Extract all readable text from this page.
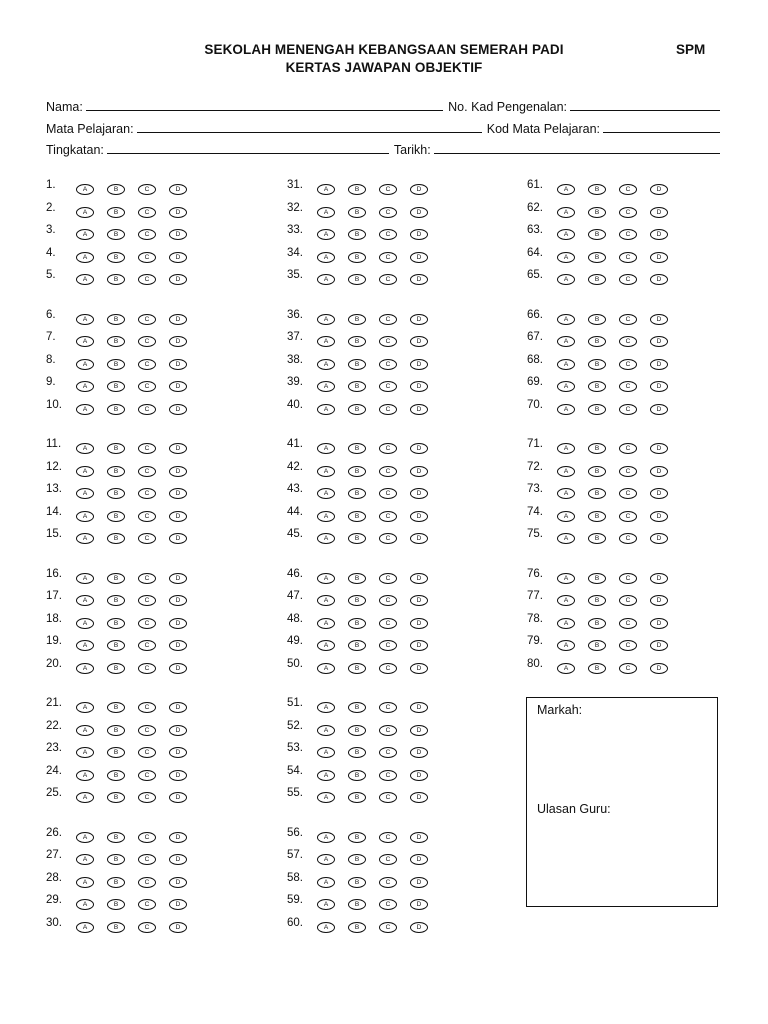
SEKOLAH MENENGAH KEBANGSAAN SEMERAH PADI
KERTAS JAWAPAN OBJEKTIF
SPM
Nama:	No. Kad Pengenalan:
Mata Pelajaran:	Kod Mata Pelajaran:
Tingkatan:	Tarikh:
1.	A	B	C	D
2.	A	B	C	D
3.	A	B	C	D
4.	A	B	C	D
5.	A	B	C	D
6.	A	B	C	D
7.	A	B	C	D
8.	A	B	C	D
9.	A	B	C	D
10.	A	B	C	D
11.	A	B	C	D
12.	A	B	C	D
13.	A	B	C	D
14.	A	B	C	D
15.	A	B	C	D
16.	A	B	C	D
17.	A	B	C	D
18.	A	B	C	D
19.	A	B	C	D
20.	A	B	C	D
21.	A	B	C	D
22.	A	B	C	D
23.	A	B	C	D
24.	A	B	C	D
25.	A	B	C	D
26.	A	B	C	D
27.	A	B	C	D
28.	A	B	C	D
29.	A	B	C	D
30.	A	B	C	D
31.	A	B	C	D
32.	A	B	C	D
33.	A	B	C	D
34.	A	B	C	D
35.	A	B	C	D
36.	A	B	C	D
37.	A	B	C	D
38.	A	B	C	D
39.	A	B	C	D
40.	A	B	C	D
41.	A	B	C	D
42.	A	B	C	D
43.	A	B	C	D
44.	A	B	C	D
45.	A	B	C	D
46.	A	B	C	D
47.	A	B	C	D
48.	A	B	C	D
49.	A	B	C	D
50.	A	B	C	D
51.	A	B	C	D
52.	A	B	C	D
53.	A	B	C	D
54.	A	B	C	D
55.	A	B	C	D
56.	A	B	C	D
57.	A	B	C	D
58.	A	B	C	D
59.	A	B	C	D
60.	A	B	C	D
61.	A	B	C	D
62.	A	B	C	D
63.	A	B	C	D
64.	A	B	C	D
65.	A	B	C	D
66.	A	B	C	D
67.	A	B	C	D
68.	A	B	C	D
69.	A	B	C	D
70.	A	B	C	D
71.	A	B	C	D
72.	A	B	C	D
73.	A	B	C	D
74.	A	B	C	D
75.	A	B	C	D
76.	A	B	C	D
77.	A	B	C	D
78.	A	B	C	D
79.	A	B	C	D
80.	A	B	C	D
Markah:
Ulasan Guru:
